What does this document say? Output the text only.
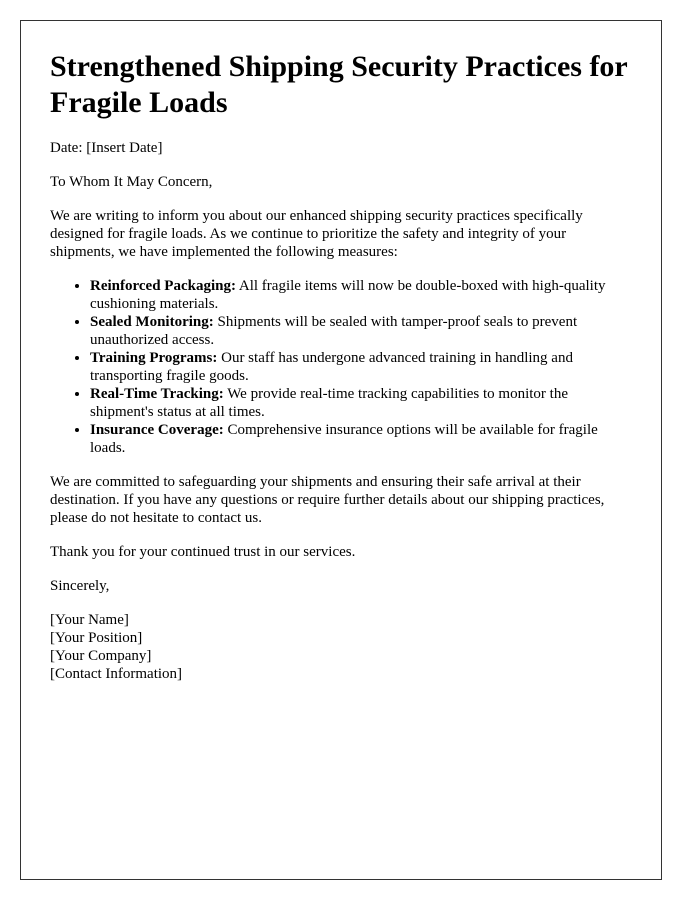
Strengthened Shipping Security Practices for Fragile Loads

Date: [Insert Date]

To Whom It May Concern,

We are writing to inform you about our enhanced shipping security practices specifically designed for fragile loads. As we continue to prioritize the safety and integrity of your shipments, we have implemented the following measures:

• Reinforced Packaging: All fragile items will now be double-boxed with high-quality cushioning materials.
• Sealed Monitoring: Shipments will be sealed with tamper-proof seals to prevent unauthorized access.
• Training Programs: Our staff has undergone advanced training in handling and transporting fragile goods.
• Real-Time Tracking: We provide real-time tracking capabilities to monitor the shipment's status at all times.
• Insurance Coverage: Comprehensive insurance options will be available for fragile loads.

We are committed to safeguarding your shipments and ensuring their safe arrival at their destination. If you have any questions or require further details about our shipping practices, please do not hesitate to contact us.

Thank you for your continued trust in our services.

Sincerely,

[Your Name]
[Your Position]
[Your Company]
[Contact Information]
